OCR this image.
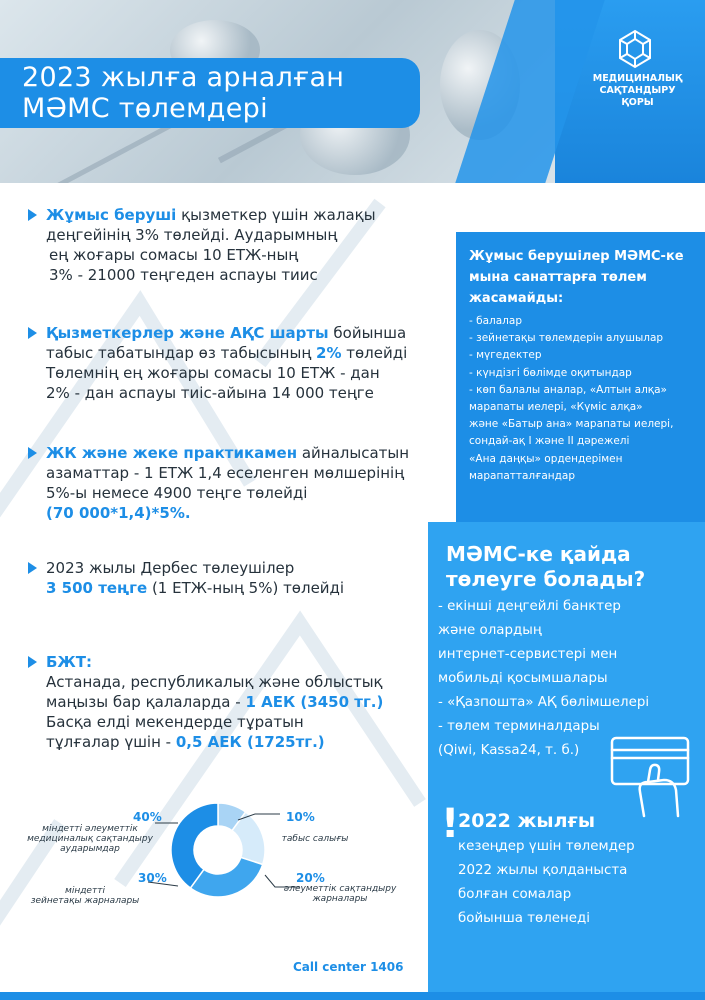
2023 жылға арналған
МӘМС төлемдері
МЕДИЦИНАЛЫҚ
САҚТАНДЫРУ
ҚОРЫ
Жұмыс беруші қызметкер үшін жалақы
деңгейінің 3% төлейді. Аударымның
ең жоғары сомасы 10 ЕТЖ-ның
3% - 21000 теңгеден аспауы тиис
Қызметкерлер және АҚС шарты бойынша
табыс табатындар өз табысының 2% төлейді
Төлемнің ең жоғары сомасы 10 ЕТЖ - дан
2% - дан аспауы тиіс-айына 14 000 теңге
ЖК және жеке практикамен айналысатын
азаматтар - 1 ЕТЖ 1,4 еселенген мөлшерінің
5%-ы немесе 4900 теңге төлейді
(70 000*1,4)*5%.
2023 жылы Дербес төлеушілер
3 500 теңге (1 ЕТЖ-ның 5%) төлейді
БЖТ:
Астанада, республикалық және облыстық
маңызы бар қалаларда - 1 АЕК (3450 тг.)
Басқа елді мекендерде тұратын
тұлғалар үшін - 0,5 АЕК (1725тг.)
Жұмыс берушілер МӘМС-ке
мына санаттарға төлем
жасамайды:
- балалар
- зейнетақы төлемдерін алушылар
- мүгедектер
- күндізгі бөлімде оқитындар
- көп балалы аналар, «Алтын алқа»
марапаты иелері, «Күміс алқа»
және «Батыр ана» марапаты иелері,
сондай-ақ I және II дәрежелі
«Ана даңқы» ордендерімен
марапатталғандар
МӘМС-ке қайда
төлеуге болады?
- екінші деңгейлі банктер
және олардың
интернет-сервистері мен
мобильді қосымшалары
- «Қазпошта» АҚ бөлімшелері
- төлем терминалдары
(Qiwi, Kassa24, т. б.)
!
2022 жылғы
кезеңдер үшін төлемдер
2022 жылы қолданыста
болған сомалар
бойынша төленеді
40%
міндетті әлеуметтік
медициналық сақтандыру
аударымдар
10%
табыс салығы
30%
міндетті
зейнетақы жарналары
20%
әлеуметтік сақтандыру
жарналары
Call center 1406
